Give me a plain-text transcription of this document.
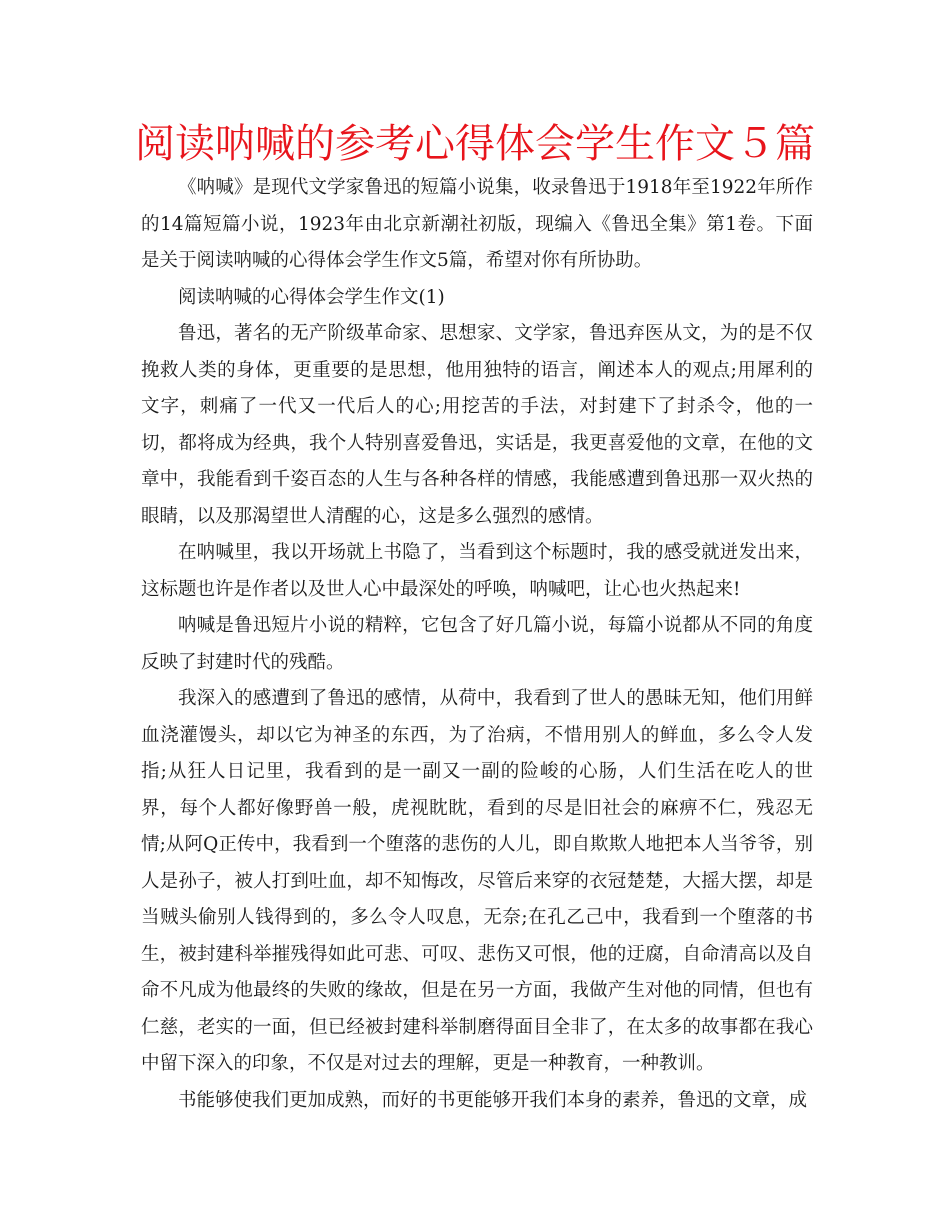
阅读呐喊的参考心得体会学生作文５篇

《呐喊》是现代文学家鲁迅的短篇小说集，收录鲁迅于1918年至1922年所作的14篇短篇小说，1923年由北京新潮社初版，现编入《鲁迅全集》第1卷。下面是关于阅读呐喊的心得体会学生作文5篇，希望对你有所协助。

阅读呐喊的心得体会学生作文(1)

鲁迅，著名的无产阶级革命家、思想家、文学家，鲁迅弃医从文，为的是不仅挽救人类的身体，更重要的是思想，他用独特的语言，阐述本人的观点;用犀利的文字，刺痛了一代又一代后人的心;用挖苦的手法，对封建下了封杀令，他的一切，都将成为经典，我个人特别喜爱鲁迅，实话是，我更喜爱他的文章，在他的文章中，我能看到千姿百态的人生与各种各样的情感，我能感遭到鲁迅那一双火热的眼睛，以及那渴望世人清醒的心，这是多么强烈的感情。

在呐喊里，我以开场就上书隐了，当看到这个标题时，我的感受就迸发出来，这标题也许是作者以及世人心中最深处的呼唤，呐喊吧，让心也火热起来!

呐喊是鲁迅短片小说的精粹，它包含了好几篇小说，每篇小说都从不同的角度反映了封建时代的残酷。

我深入的感遭到了鲁迅的感情，从荷中，我看到了世人的愚昧无知，他们用鲜血浇灌馒头，却以它为神圣的东西，为了治病，不惜用别人的鲜血，多么令人发指;从狂人日记里，我看到的是一副又一副的险峻的心肠，人们生活在吃人的世界，每个人都好像野兽一般，虎视眈眈，看到的尽是旧社会的麻痹不仁，残忍无情;从阿Q正传中，我看到一个堕落的悲伤的人儿，即自欺欺人地把本人当爷爷，别人是孙子，被人打到吐血，却不知悔改，尽管后来穿的衣冠楚楚，大摇大摆，却是当贼头偷别人钱得到的，多么令人叹息，无奈;在孔乙己中，我看到一个堕落的书生，被封建科举摧残得如此可悲、可叹、悲伤又可恨，他的迂腐，自命清高以及自命不凡成为他最终的失败的缘故，但是在另一方面，我做产生对他的同情，但也有仁慈，老实的一面，但已经被封建科举制磨得面目全非了，在太多的故事都在我心中留下深入的印象，不仅是对过去的理解，更是一种教育，一种教训。

书能够使我们更加成熟，而好的书更能够开我们本身的素养，鲁迅的文章，成
